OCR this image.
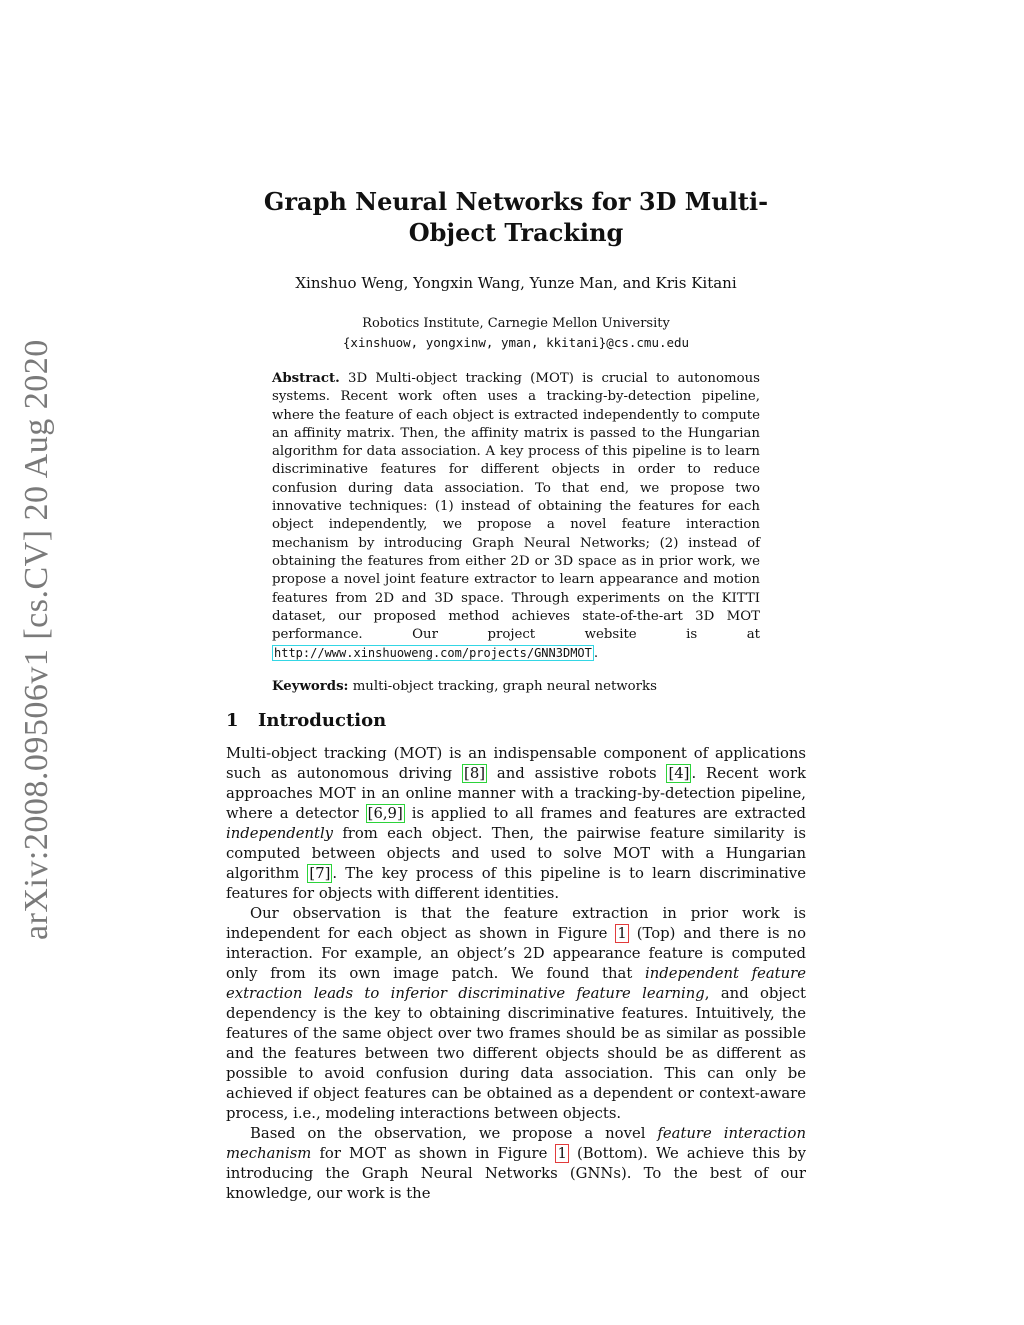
arXiv:2008.09506v1 [cs.CV] 20 Aug 2020
Graph Neural Networks for 3D Multi-Object Tracking
Xinshuo Weng, Yongxin Wang, Yunze Man, and Kris Kitani
Robotics Institute, Carnegie Mellon University
{xinshuow, yongxinw, yman, kkitani}@cs.cmu.edu
Abstract. 3D Multi-object tracking (MOT) is crucial to autonomous systems. Recent work often uses a tracking-by-detection pipeline, where the feature of each object is extracted independently to compute an affinity matrix. Then, the affinity matrix is passed to the Hungarian algorithm for data association. A key process of this pipeline is to learn discriminative features for different objects in order to reduce confusion during data association. To that end, we propose two innovative techniques: (1) instead of obtaining the features for each object independently, we propose a novel feature interaction mechanism by introducing Graph Neural Networks; (2) instead of obtaining the features from either 2D or 3D space as in prior work, we propose a novel joint feature extractor to learn appearance and motion features from 2D and 3D space. Through experiments on the KITTI dataset, our proposed method achieves state-of-the-art 3D MOT performance. Our project website is at http://www.xinshuoweng.com/projects/GNN3DMOT .
Keywords: multi-object tracking, graph neural networks
1 Introduction

Multi-object tracking (MOT) is an indispensable component of applications such as autonomous driving [8] and assistive robots [4] . Recent work approaches MOT in an online manner with a tracking-by-detection pipeline, where a detector [6,9] is applied to all frames and features are extracted independently from each object. Then, the pairwise feature similarity is computed between objects and used to solve MOT with a Hungarian algorithm [7] . The key process of this pipeline is to learn discriminative features for objects with different identities.

Our observation is that the feature extraction in prior work is independent for each object as shown in Figure 1 (Top) and there is no interaction. For example, an object’s 2D appearance feature is computed only from its own image patch. We found that independent feature extraction leads to inferior discriminative feature learning, and object dependency is the key to obtaining discriminative features. Intuitively, the features of the same object over two frames should be as similar as possible and the features between two different objects should be as different as possible to avoid confusion during data association. This can only be achieved if object features can be obtained as a dependent or context-aware process, i.e., modeling interactions between objects.

Based on the observation, we propose a novel feature interaction mechanism for MOT as shown in Figure 1 (Bottom). We achieve this by introducing the Graph Neural Networks (GNNs). To the best of our knowledge, our work is the
